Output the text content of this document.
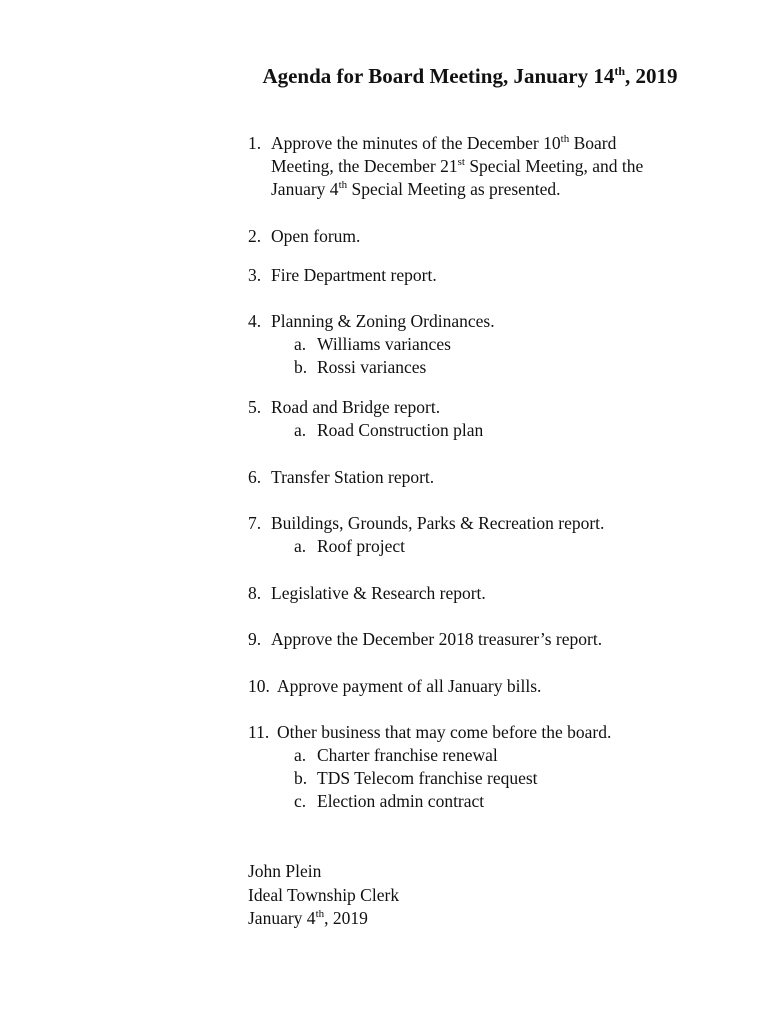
Agenda for Board Meeting, January 14th, 2019
1. Approve the minutes of the December 10th Board
Meeting, the December 21st Special Meeting, and the
January 4th Special Meeting as presented.
2. Open forum.
3. Fire Department report.
4. Planning & Zoning Ordinances.
a. Williams variances
b. Rossi variances
5. Road and Bridge report.
a. Road Construction plan
6. Transfer Station report.
7. Buildings, Grounds, Parks & Recreation report.
a. Roof project
8. Legislative & Research report.
9. Approve the December 2018 treasurer’s report.
10. Approve payment of all January bills.
11. Other business that may come before the board.
a. Charter franchise renewal
b. TDS Telecom franchise request
c. Election admin contract
John Plein
Ideal Township Clerk
January 4th, 2019
